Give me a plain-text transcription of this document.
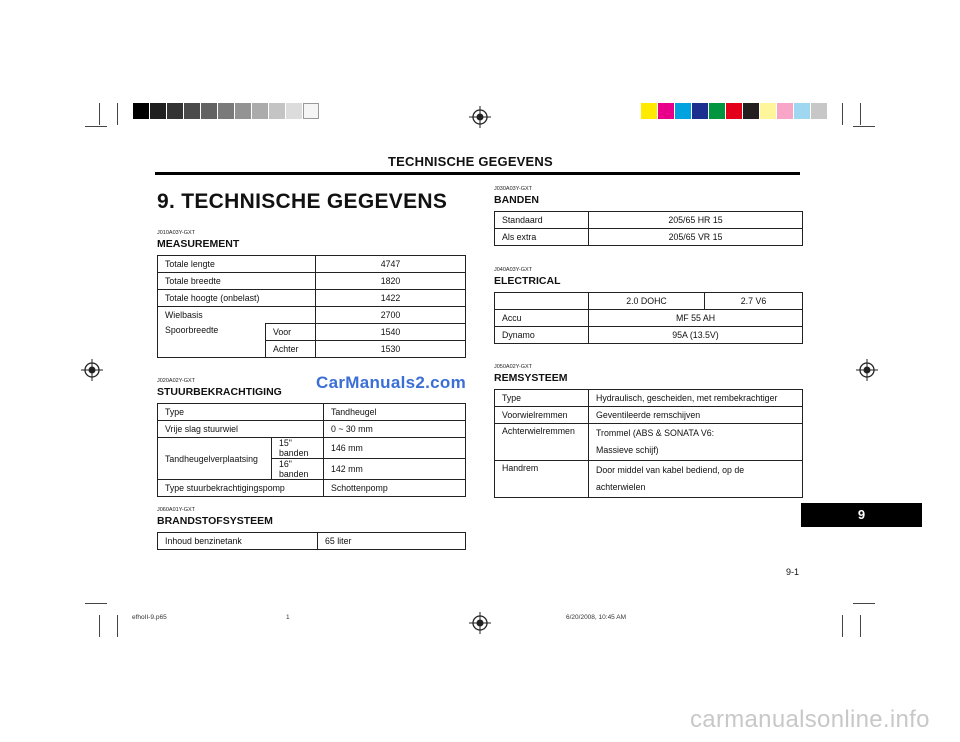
TECHNISCHE GEGEVENS
9. TECHNISCHE GEGEVENS
J010A03Y-GXT
MEASUREMENT
Totale lengte		4747
Totale breedte		1820
Totale hoogte (onbelast)		1422
Wielbasis		2700
Spoorbreedte	Voor	1540
	Achter	1530
CarManuals2.com
J020A02Y-GXT
STUURBEKRACHTIGING
Type		Tandheugel
Vrije slag stuurwiel		0 ~ 30 mm
Tandheugelverplaatsing	15" banden	146 mm
	16" banden	142 mm
Type stuurbekrachtigingspomp		Schottenpomp
J060A01Y-GXT
BRANDSTOFSYSTEEM
Inhoud benzinetank	65 liter
J030A03Y-GXT
BANDEN
Standaard	205/65 HR 15
Als extra	205/65 VR 15
J040A03Y-GXT
ELECTRICAL
	2.0 DOHC	2.7 V6
Accu	MF 55 AH	
Dynamo	95A (13.5V)	
J050A02Y-GXT
REMSYSTEEM
Type	Hydraulisch, gescheiden, met rembekrachtiger
Voorwielremmen	Geventileerde remschijven
Achterwielremmen	Trommel (ABS & SONATA V6:
Massieve schijf)

Handrem	Door middel van kabel bediend, op de
achterwielen
9
9-1
efhoII-9.p65	1	6/20/2008, 10:45 AM
carmanualsonline.info
